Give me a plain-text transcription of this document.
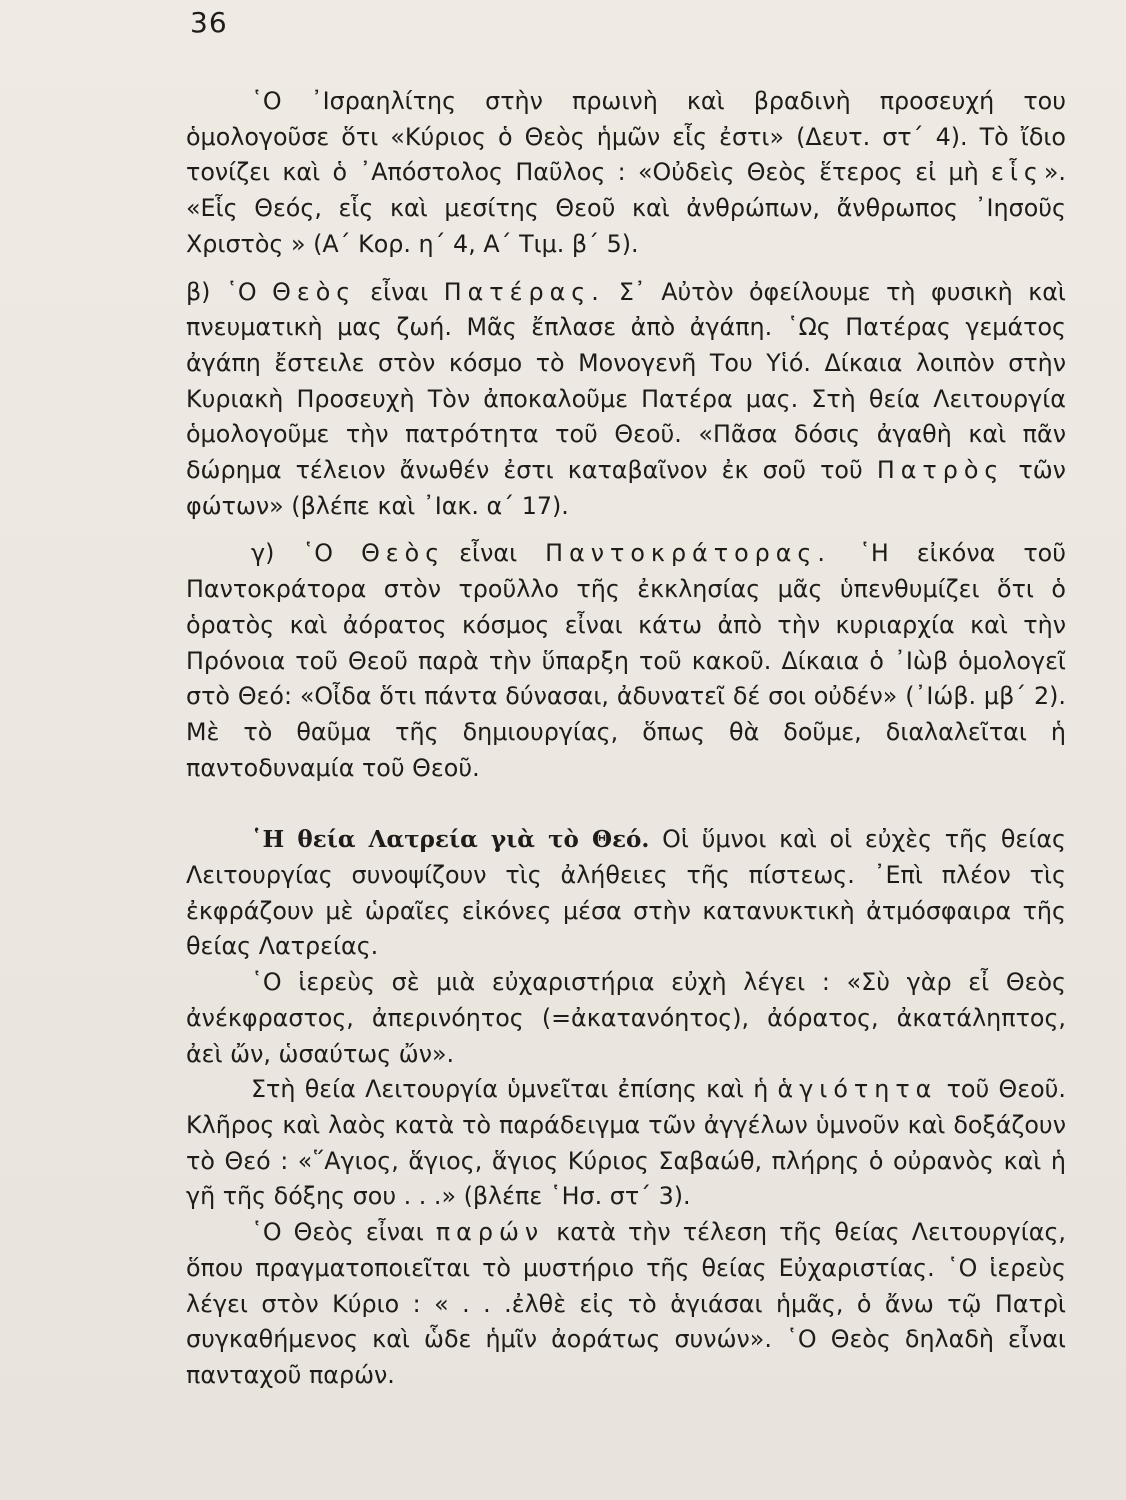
36

῾Ο ᾿Ισραηλίτης στὴν πρωινὴ καὶ βραδινὴ προσευχή του ὁμολογοῦσε ὅτι «Κύριος ὁ Θεὸς ἡμῶν εἷς ἐστι» (Δευτ. στ΄ 4). Τὸ ἴδιο τονίζει καὶ ὁ ᾿Απόστολος Παῦλος : «Οὐδεὶς Θεὸς ἕτερος εἰ μὴ εἷς». «Εἷς Θεός, εἷς καὶ μεσίτης Θεοῦ καὶ ἀνθρώπων, ἄνθρωπος ᾿Ιησοῦς Χριστὸς » (Α΄ Κορ. η΄ 4, Α΄ Τιμ. β΄ 5).

β) ῾Ο Θεὸς εἶναι Πατέρας. Σ᾿ Αὐτὸν ὀφείλουμε τὴ φυσικὴ καὶ πνευματικὴ μας ζωή. Μᾶς ἔπλασε ἀπὸ ἀγάπη. ῾Ως Πατέρας γεμάτος ἀγάπη ἔστειλε στὸν κόσμο τὸ Μονογενῆ Του Υἱό. Δίκαια λοιπὸν στὴν Κυριακὴ Προσευχὴ Τὸν ἀποκαλοῦμε Πατέρα μας. Στὴ θεία Λειτουργία ὁμολογοῦμε τὴν πατρότητα τοῦ Θεοῦ. «Πᾶσα δόσις ἀγαθὴ καὶ πᾶν δώρημα τέλειον ἄνωθέν ἐστι καταβαῖνον ἐκ σοῦ τοῦ Πατρὸς τῶν φώτων» (βλέπε καὶ ᾿Ιακ. α΄ 17).

γ) ῾Ο Θεὸς εἶναι Παντοκράτορας. ῾Η εἰκόνα τοῦ Παντοκράτορα στὸν τροῦλλο τῆς ἐκκλησίας μᾶς ὑπενθυμίζει ὅτι ὁ ὁρατὸς καὶ ἀόρατος κόσμος εἶναι κάτω ἀπὸ τὴν κυριαρχία καὶ τὴν Πρόνοια τοῦ Θεοῦ παρὰ τὴν ὕπαρξη τοῦ κακοῦ. Δίκαια ὁ ᾿Ιὼβ ὁμολογεῖ στὸ Θεό: «Οἶδα ὅτι πάντα δύνασαι, ἀδυνατεῖ δέ σοι οὐδέν» (᾿Ιώβ. μβ΄ 2). Μὲ τὸ θαῦμα τῆς δημιουργίας, ὅπως θὰ δοῦμε, διαλαλεῖται ἡ παντοδυναμία τοῦ Θεοῦ.

῾Η θεία Λατρεία γιὰ τὸ Θεό. Οἱ ὕμνοι καὶ οἱ εὐχὲς τῆς θείας Λειτουργίας συνοψίζουν τὶς ἀλήθειες τῆς πίστεως. ᾿Επὶ πλέον τὶς ἐκφράζουν μὲ ὡραῖες εἰκόνες μέσα στὴν κατανυκτικὴ ἀτμόσφαιρα τῆς θείας Λατρείας.

῾Ο ἱερεὺς σὲ μιὰ εὐχαριστήρια εὐχὴ λέγει : «Σὺ γὰρ εἶ Θεὸς ἀνέκφραστος, ἀπερινόητος (=ἀκατανόητος), ἀόρατος, ἀκατάληπτος, ἀεὶ ὤν, ὡσαύτως ὤν».

Στὴ θεία Λειτουργία ὑμνεῖται ἐπίσης καὶ ἡ ἁγιότητα τοῦ Θεοῦ. Κλῆρος καὶ λαὸς κατὰ τὸ παράδειγμα τῶν ἀγγέλων ὑμνοῦν καὶ δοξάζουν τὸ Θεό : «῞Αγιος, ἅγιος, ἅγιος Κύριος Σαβαώθ, πλήρης ὁ οὐρανὸς καὶ ἡ γῆ τῆς δόξης σου . . .» (βλέπε ῾Ησ. στ΄ 3).

῾Ο Θεὸς εἶναι παρών κατὰ τὴν τέλεση τῆς θείας Λειτουργίας, ὅπου πραγματοποιεῖται τὸ μυστήριο τῆς θείας Εὐχαριστίας. ῾Ο ἱερεὺς λέγει στὸν Κύριο : « . . .ἐλθὲ εἰς τὸ ἁγιάσαι ἡμᾶς, ὁ ἄνω τῷ Πατρὶ συγκαθήμενος καὶ ὧδε ἡμῖν ἀοράτως συνών». ῾Ο Θεὸς δηλαδὴ εἶναι πανταχοῦ παρών.
